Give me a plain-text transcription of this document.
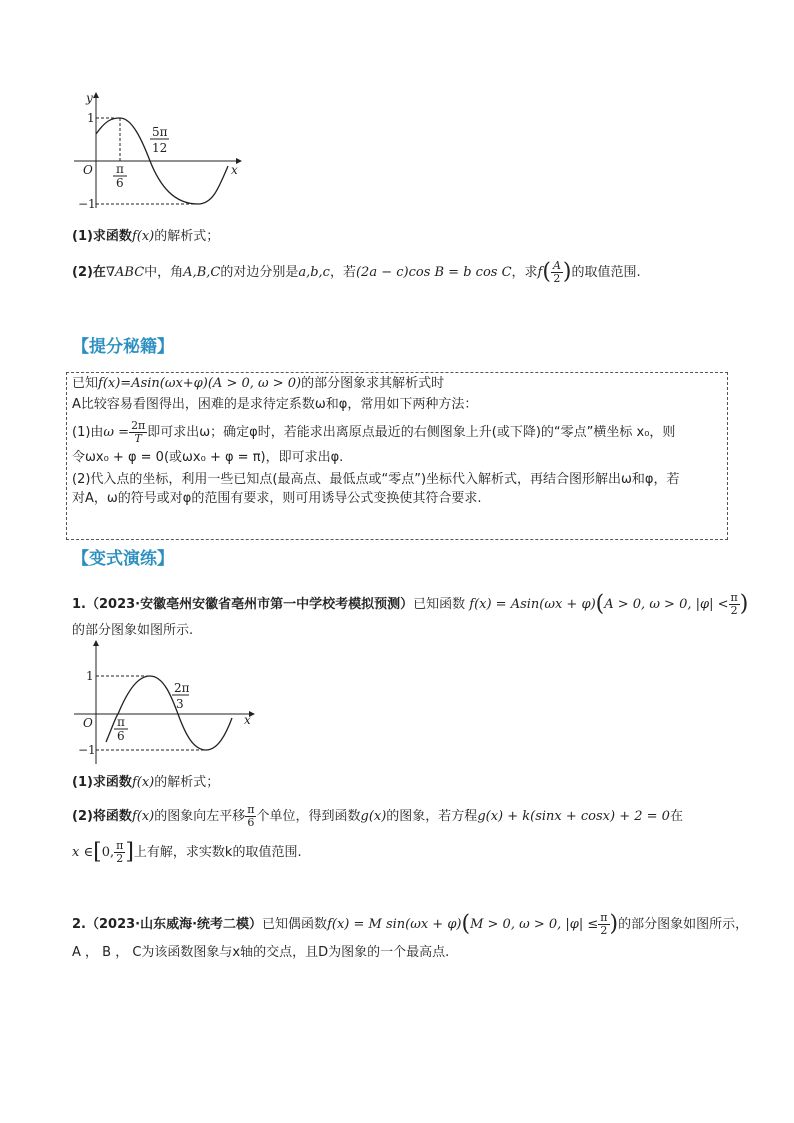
y
x
O
1
−1
π
6
5π
12
(1)求函数f(x)的解析式；
(2)在∇ABC中，角A,B,C的对边分别是a,b,c，若(2a − c)cos B = b cos C，求$f( \frac{A}{2}$ )的取值范围.
【提分秘籍】
已知f(x)=Asin(ωx+φ)(A > 0, ω > 0)的部分图象求其解析式时
A比较容易看图得出，困难的是求待定系数ω和φ，常用如下两种方法：
(1)由$\omega = \frac{2\pi}{T}$ 即可求出ω；确定φ时，若能求出离原点最近的右侧图象上升(或下降)的“零点”横坐标 x₀，则
令ωx₀ + φ = 0(或ωx₀ + φ = π)，即可求出φ.
(2)代入点的坐标，利用一些已知点(最高点、最低点或“零点”)坐标代入解析式，再结合图形解出ω和φ，若
对A，ω的符号或对φ的范围有要求，则可用诱导公式变换使其符合要求.
【变式演练】
1.（2023·安徽亳州安徽省亳州市第一中学校考模拟预测）已知函数 f(x) = Asin(ωx + φ)(A > 0, ω > 0, $|\varphi| < \frac{\pi}{2}$ )
的部分图象如图所示.
x
O
1
−1
π
6
2π
3
(1)求函数f(x)的解析式；
(2)将函数f(x)的图象向左平移 $\frac{\pi}{6}$ 个单位，得到函数g(x)的图象，若方程g(x) + k(sinx + cosx) + 2 = 0在
x ∈[0, $\frac{\pi}{2}$ ]上有解，求实数k的取值范围.
2.（2023·山东威海·统考二模）已知偶函数f(x) = M sin(ωx + φ)(M > 0, ω > 0, $|\varphi| \le \frac{\pi}{2}$ )的部分图象如图所示，
A ， B ， C为该函数图象与x轴的交点，且D为图象的一个最高点.
